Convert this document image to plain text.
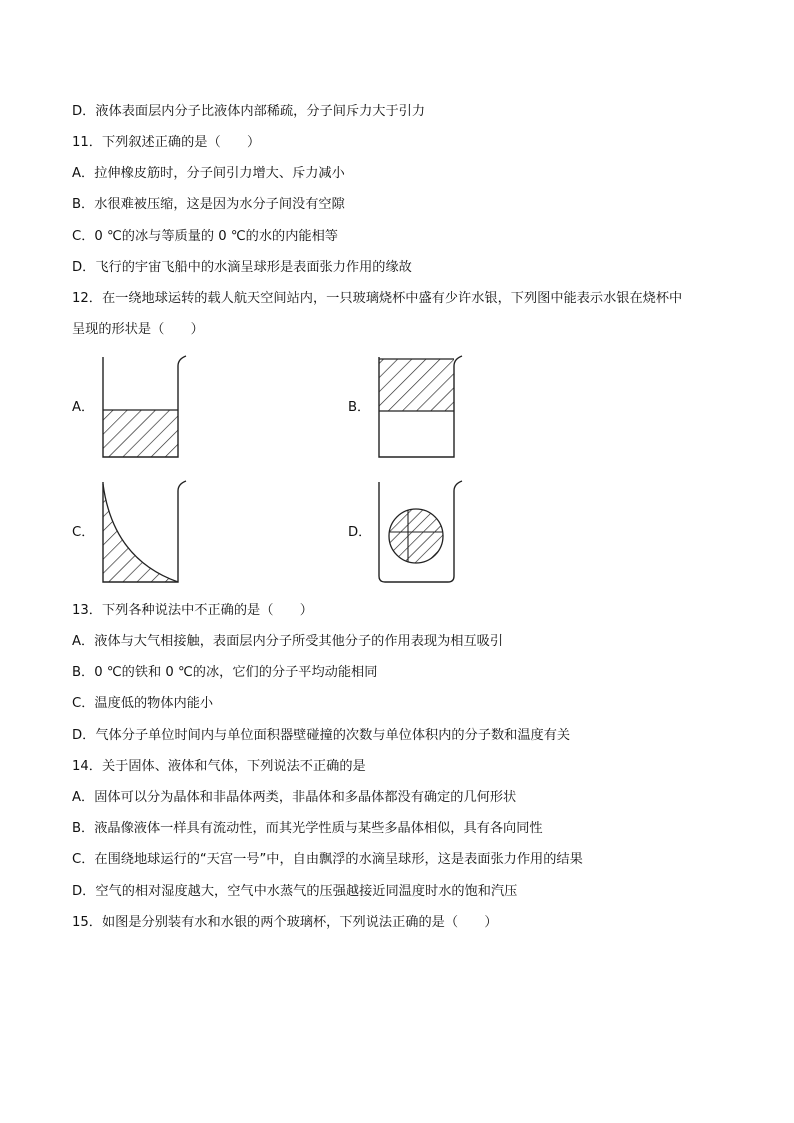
D．液体表面层内分子比液体内部稀疏，分子间斥力大于引力
11．下列叙述正确的是（　　）
A．拉伸橡皮筋时，分子间引力增大、斥力减小
B．水很难被压缩，这是因为水分子间没有空隙
C．0 ℃的冰与等质量的 0 ℃的水的内能相等
D．飞行的宇宙飞船中的水滴呈球形是表面张力作用的缘故
12．在一绕地球运转的载人航天空间站内，一只玻璃烧杯中盛有少许水银，下列图中能表示水银在烧杯中
呈现的形状是（　　）
A．	B．
C．	D．
13．下列各种说法中不正确的是（　　）
A．液体与大气相接触，表面层内分子所受其他分子的作用表现为相互吸引
B．0 ℃的铁和 0 ℃的冰，它们的分子平均动能相同
C．温度低的物体内能小
D．气体分子单位时间内与单位面积器壁碰撞的次数与单位体积内的分子数和温度有关
14．关于固体、液体和气体，下列说法不正确的是
A．固体可以分为晶体和非晶体两类，非晶体和多晶体都没有确定的几何形状
B．液晶像液体一样具有流动性，而其光学性质与某些多晶体相似，具有各向同性
C．在围绕地球运行的“天宫一号”中，自由飘浮的水滴呈球形，这是表面张力作用的结果
D．空气的相对湿度越大，空气中水蒸气的压强越接近同温度时水的饱和汽压
15．如图是分别装有水和水银的两个玻璃杯，下列说法正确的是（　　）
